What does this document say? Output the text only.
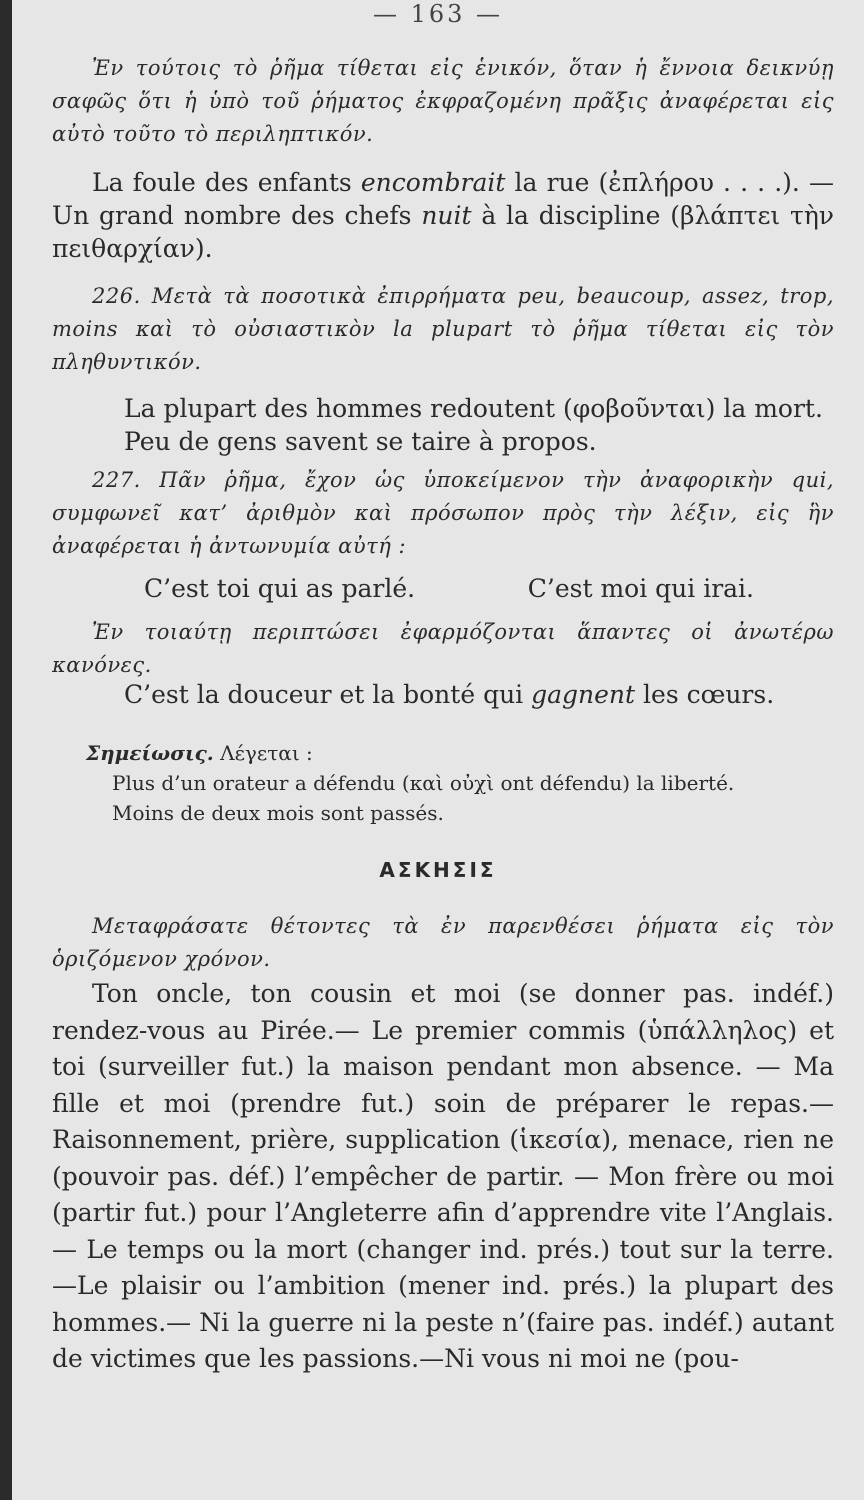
— 163 —

Ἐν τούτοις τὸ ῥῆμα τίθεται εἰς ἑνικόν, ὅταν ἡ ἔννοια δεικνύῃ σαφῶς ὅτι ἡ ὑπὸ τοῦ ῥήματος ἐκφραζομένη πρᾶξις ἀναφέρεται εἰς αὐτὸ τοῦτο τὸ περιληπτικόν.

La foule des enfants encombrait la rue (ἐπλήρου . . . .). —Un grand nombre des chefs nuit à la discipline (βλάπτει τὴν πειθαρχίαν).

226. Μετὰ τὰ ποσοτικὰ ἐπιρρήματα peu, beaucoup, assez, trop, moins καὶ τὸ οὐσιαστικὸν la plupart τὸ ῥῆμα τίθεται εἰς τὸν πληθυντικόν.

La plupart des hommes redoutent (φοβοῦνται) la mort.
Peu de gens savent se taire à propos.

227. Πᾶν ῥῆμα, ἔχον ὡς ὑποκείμενον τὴν ἀναφορικὴν qui, συμφωνεῖ κατ’ ἀριθμὸν καὶ πρόσωπον πρὸς τὴν λέξιν, εἰς ἣν ἀναφέρεται ἡ ἀντωνυμία αὐτή :

C’est toi qui as parlé.	C’est moi qui irai.

Ἐν τοιαύτῃ περιπτώσει ἐφαρμόζονται ἅπαντες οἱ ἀνωτέρω κανόνες.

C’est la douceur et la bonté qui gagnent les cœurs.

Σημείωσις. Λέγεται :
Plus d’un orateur a défendu (καὶ οὐχὶ ont défendu) la liberté.
Moins de deux mois sont passés.
ΑΣΚΗΣΙΣ

Μεταφράσατε θέτοντες τὰ ἐν παρενθέσει ῥήματα εἰς τὸν ὁριζόμενον χρόνον.

Ton oncle, ton cousin et moi (se donner pas. indéf.) rendez-vous au Pirée.— Le premier commis (ὑπάλληλος) et toi (surveiller fut.) la maison pendant mon absence. — Ma fille et moi (prendre fut.) soin de préparer le repas.—Raisonnement, prière, supplication (ἱκεσία), menace, rien ne (pouvoir pas. déf.) l’empêcher de partir. — Mon frère ou moi (partir fut.) pour l’Angleterre afin d’apprendre vite l’Anglais. — Le temps ou la mort (changer ind. prés.) tout sur la terre. —Le plaisir ou l’ambition (mener ind. prés.) la plupart des hommes.— Ni la guerre ni la peste n’(faire pas. indéf.) autant de victimes que les passions.—Ni vous ni moi ne (pou-
